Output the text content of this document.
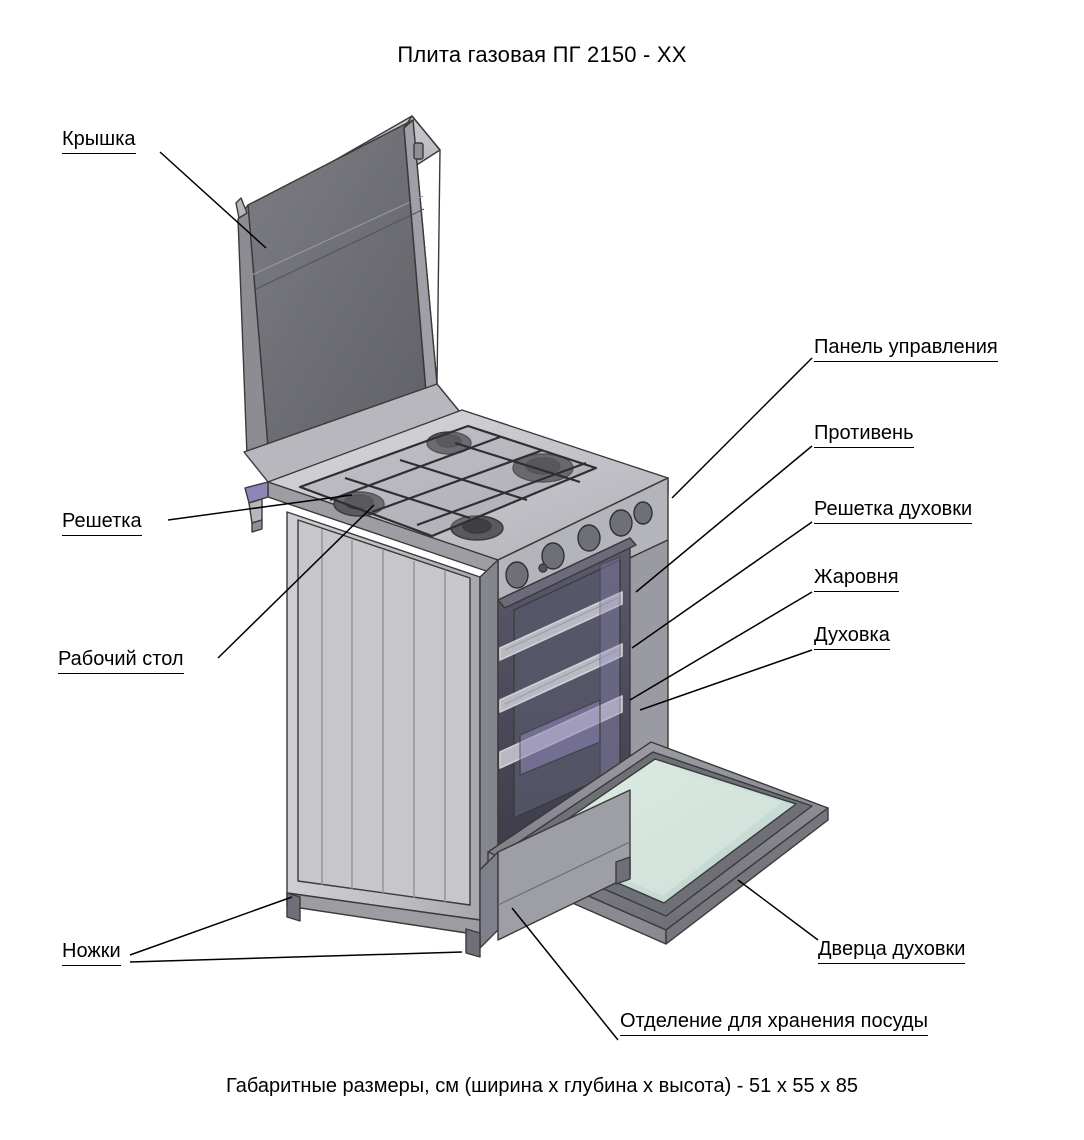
Плита газовая ПГ 2150 - XX
Крышка
Решетка
Рабочий стол
Ножки
Панель управления
Противень
Решетка духовки
Жаровня
Духовка
Дверца духовки
Отделение для хранения посуды
Габаритные размеры, см (ширина x глубина x высота) - 51 x 55 x 85
